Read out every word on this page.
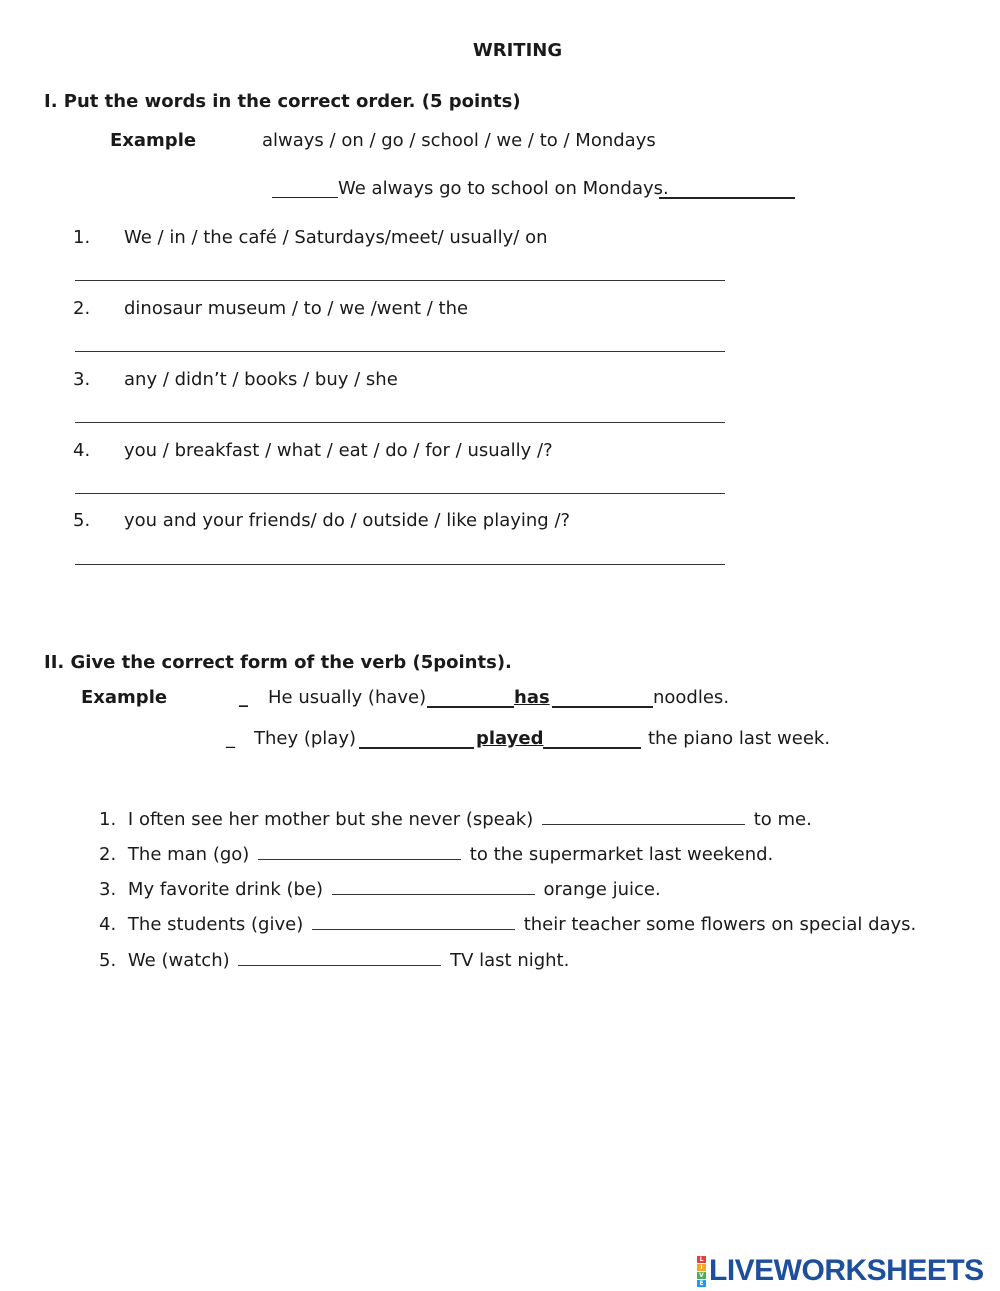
WRITING
I. Put the words in the correct order. (5 points)
Example	always / on / go / school / we / to / Mondays
We always go to school on Mondays.
1. We / in / the café / Saturdays/meet/ usually/ on
2. dinosaur museum / to / we /went / the
3. any / didn’t / books / buy / she
4. you / breakfast / what / eat / do / for / usually /?
5. you and your friends/ do / outside / like playing /?
II. Give the correct form of the verb (5points).
Example	_ He usually (have)	has	noodles.
_ They (play)	played	the piano last week.
1. I often see her mother but she never (speak)	to me.
2. The man (go)	to the supermarket last weekend.
3. My favorite drink (be)	orange juice.
4. The students (give)	their teacher some flowers on special days.
5. We (watch)	TV last night.
L
I
V
E LIVEWORKSHEETS
